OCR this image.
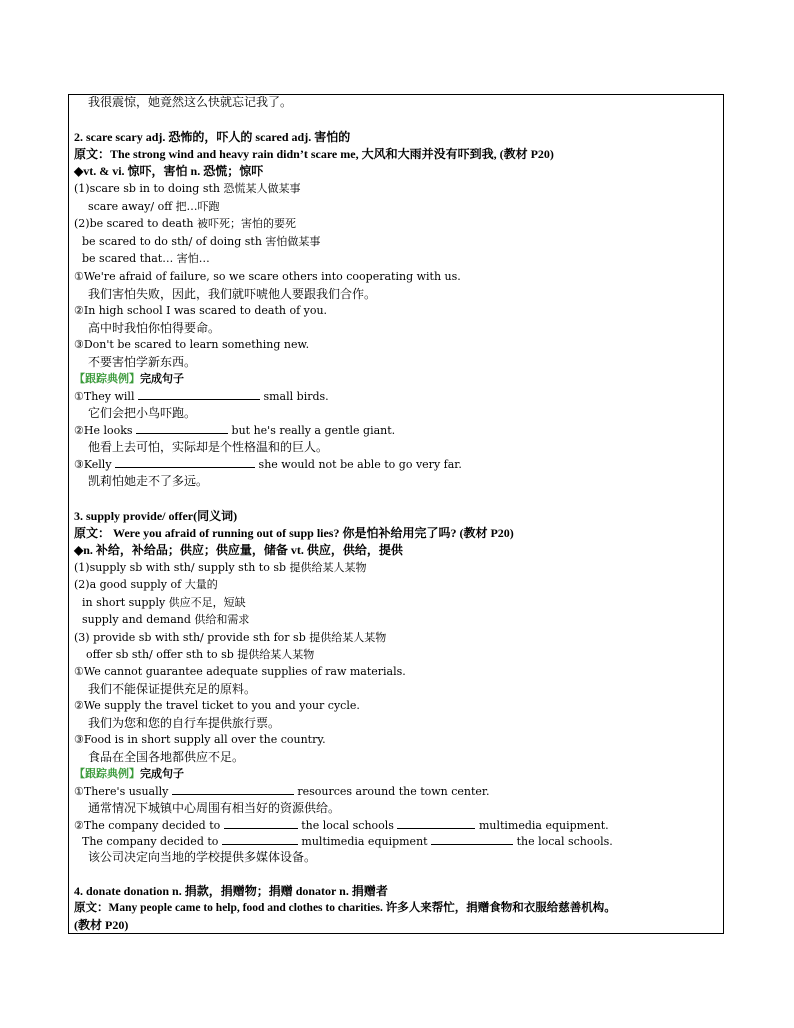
我很震惊，她竟然这么快就忘记我了。
2. scare scary adj. 恐怖的，吓人的 scared adj. 害怕的
原文：The strong wind and heavy rain didn’t scare me, 大风和大雨并没有吓到我, (教材 P20)
◆vt. & vi. 惊吓，害怕 n. 恐慌；惊吓
(1)scare sb in to doing sth 恐慌某人做某事
scare away/ off 把…吓跑
(2)be scared to death 被吓死；害怕的要死
be scared to do sth/ of doing sth 害怕做某事
be scared that… 害怕…
①We're afraid of failure, so we scare others into cooperating with us.
我们害怕失败，因此，我们就吓唬他人要跟我们合作。
②In high school I was scared to death of you.
高中时我怕你怕得要命。
③Don't be scared to learn something new.
不要害怕学新东西。
【跟踪典例】完成句子
①They will	small birds.
它们会把小鸟吓跑。
②He looks	but he's really a gentle giant.
他看上去可怕，实际却是个性格温和的巨人。
③Kelly	she would not be able to go very far.
凯莉怕她走不了多远。
3. supply provide/ offer(同义词)
原文： Were you afraid of running out of supp lies? 你是怕补给用完了吗? (教材 P20)
◆n. 补给，补给品；供应；供应量，储备 vt. 供应，供给，提供
(1)supply sb with sth/ supply sth to sb 提供给某人某物
(2)a good supply of 大量的
in short supply 供应不足，短缺
supply and demand 供给和需求
(3) provide sb with sth/ provide sth for sb 提供给某人某物
offer sb sth/ offer sth to sb 提供给某人某物
①We cannot guarantee adequate supplies of raw materials.
我们不能保证提供充足的原料。
②We supply the travel ticket to you and your cycle.
我们为您和您的自行车提供旅行票。
③Food is in short supply all over the country.
食品在全国各地都供应不足。
【跟踪典例】完成句子
①There's usually	resources around the town center.
通常情况下城镇中心周围有相当好的资源供给。
②The company decided to	the local schools	multimedia equipment.
The company decided to	multimedia equipment	the local schools.
该公司决定向当地的学校提供多媒体设备。
4. donate donation n. 捐款，捐赠物；捐赠 donator n. 捐赠者
原文：Many people came to help, food and clothes to charities. 许多人来帮忙，捐赠食物和衣服给慈善机构。
(教材 P20)
